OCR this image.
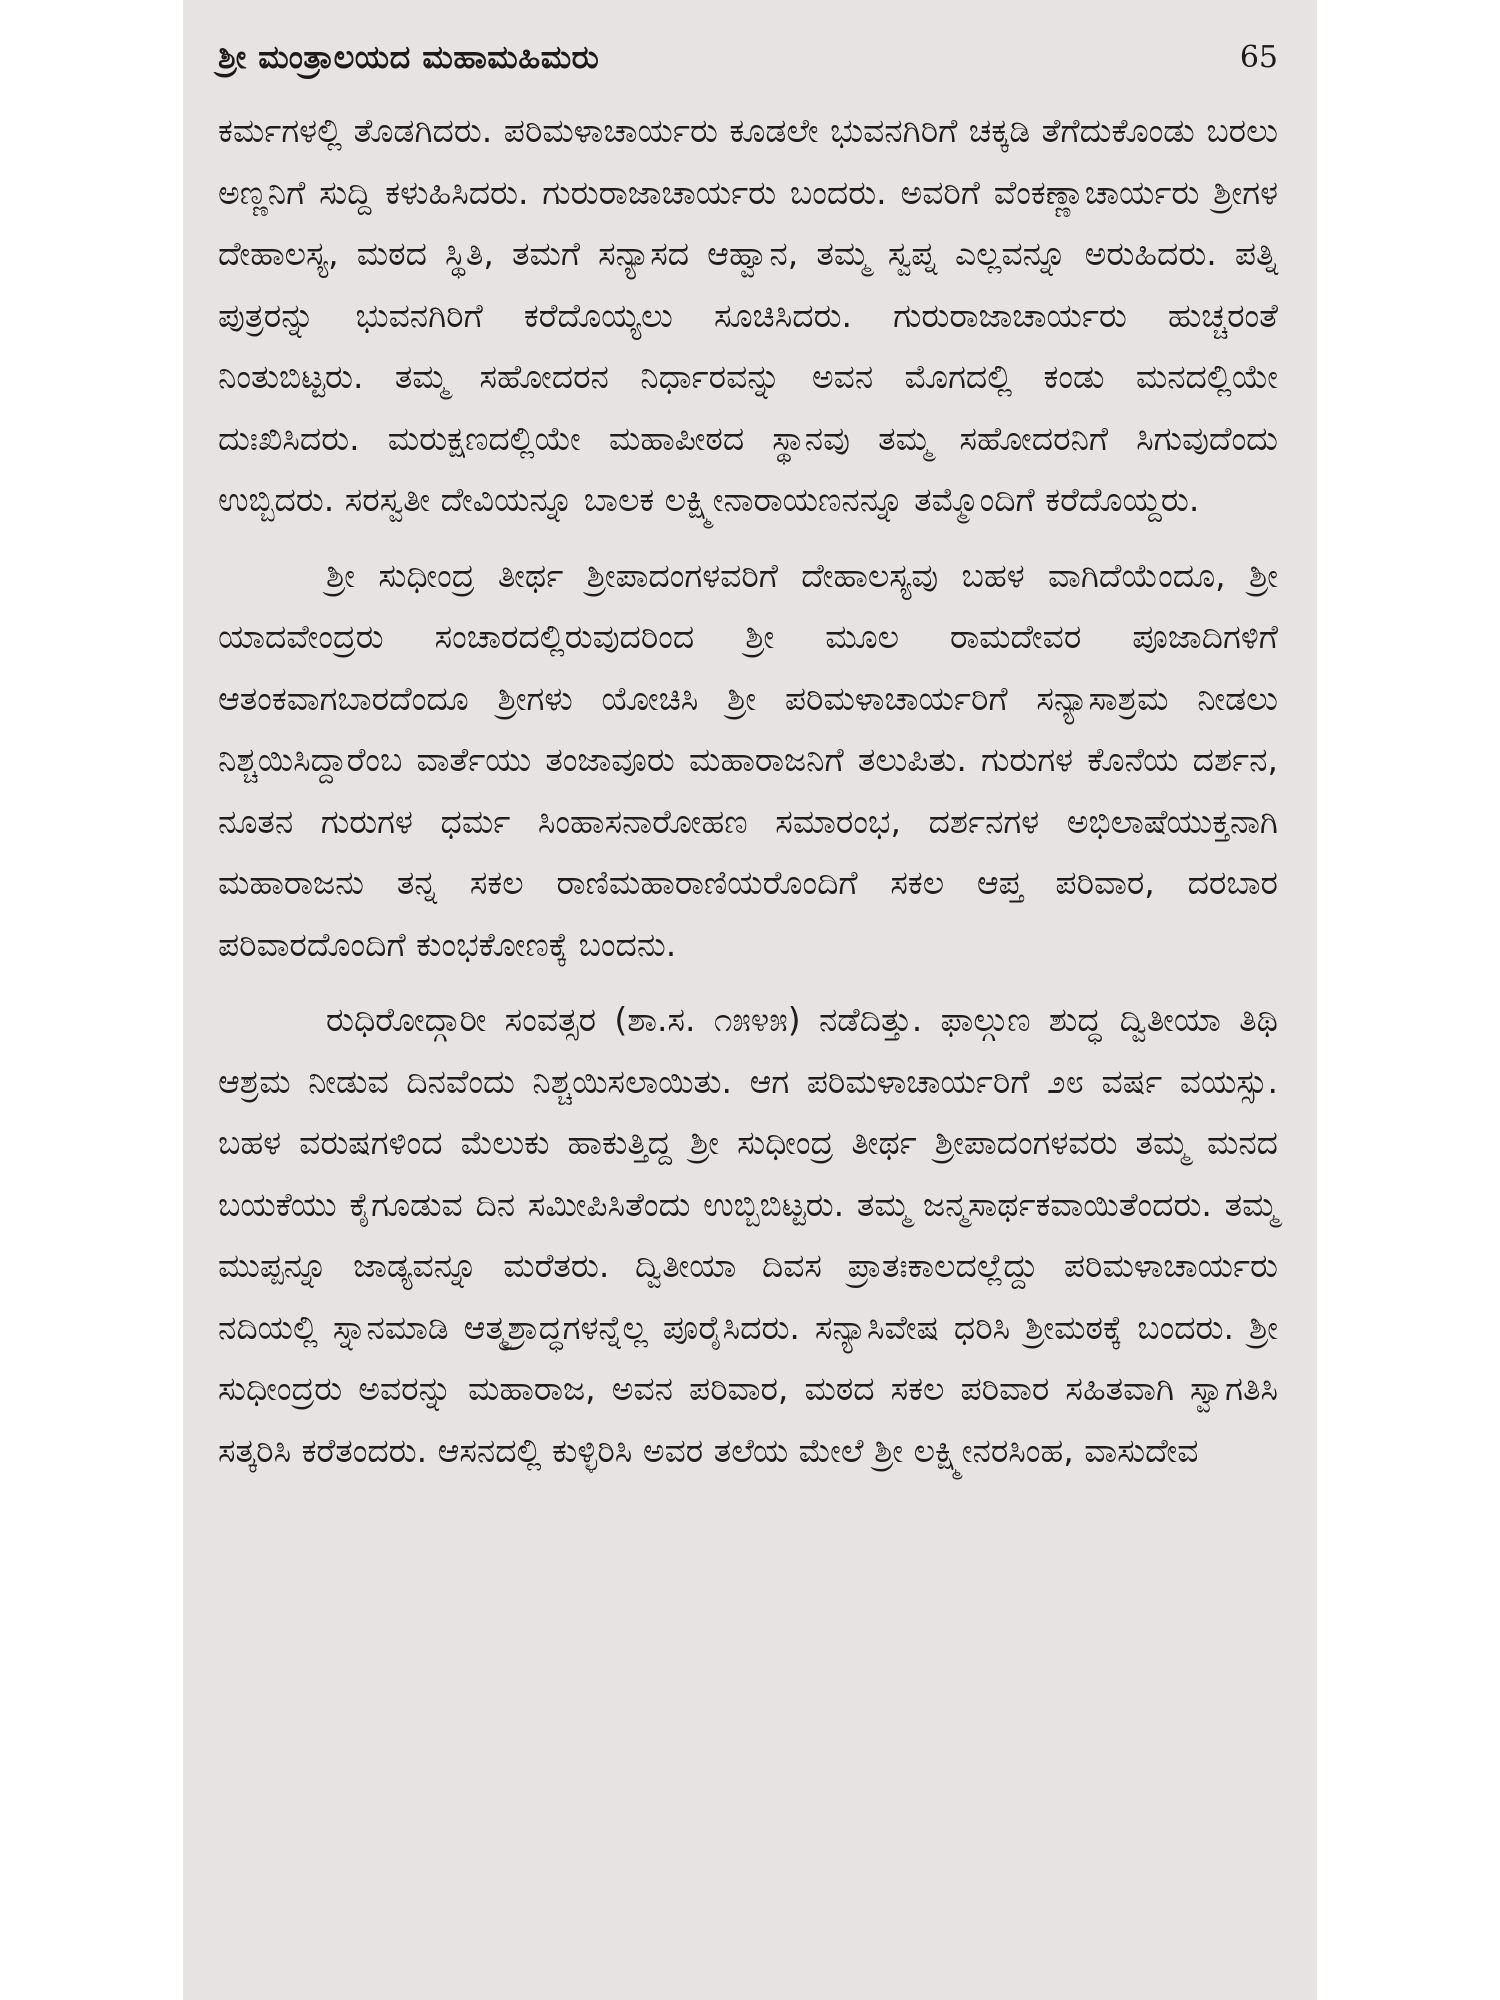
ಶ್ರೀ ಮಂತ್ರಾಲಯದ ಮಹಾಮಹಿಮರು	65

ಕರ್ಮಗಳಲ್ಲಿ ತೊಡಗಿದರು. ಪರಿಮಳಾಚಾರ್ಯರು ಕೂಡಲೇ ಭುವನಗಿರಿಗೆ ಚಕ್ಕಡಿ ತೆಗೆದುಕೊಂಡು ಬರಲು ಅಣ್ಣನಿಗೆ ಸುದ್ದಿ ಕಳುಹಿಸಿದರು. ಗುರುರಾಜಾಚಾರ್ಯರು ಬಂದರು. ಅವರಿಗೆ ವೆಂಕಣ್ಣಾಚಾರ್ಯರು ಶ್ರೀಗಳ ದೇಹಾಲಸ್ಯ, ಮಠದ ಸ್ಥಿತಿ, ತಮಗೆ ಸನ್ಯಾಸದ ಆಹ್ವಾನ, ತಮ್ಮ ಸ್ವಪ್ನ ಎಲ್ಲವನ್ನೂ ಅರುಹಿದರು. ಪತ್ನಿ ಪುತ್ರರನ್ನು ಭುವನಗಿರಿಗೆ ಕರೆದೊಯ್ಯಲು ಸೂಚಿಸಿದರು. ಗುರುರಾಜಾಚಾರ್ಯರು ಹುಚ್ಚರಂತೆ ನಿಂತುಬಿಟ್ಟರು. ತಮ್ಮ ಸಹೋದರನ ನಿರ್ಧಾರವನ್ನು ಅವನ ಮೊಗದಲ್ಲಿ ಕಂಡು ಮನದಲ್ಲಿಯೇ ದುಃಖಿಸಿದರು. ಮರುಕ್ಷಣದಲ್ಲಿಯೇ ಮಹಾಪೀಠದ ಸ್ಥಾನವು ತಮ್ಮ ಸಹೋದರನಿಗೆ ಸಿಗುವುದೆಂದು ಉಬ್ಬಿದರು. ಸರಸ್ವತೀ ದೇವಿಯನ್ನೂ ಬಾಲಕ ಲಕ್ಷ್ಮೀನಾರಾಯಣನನ್ನೂ ತಮ್ಮೊಂದಿಗೆ ಕರೆದೊಯ್ದರು.

ಶ್ರೀ ಸುಧೀಂದ್ರ ತೀರ್ಥ ಶ್ರೀಪಾದಂಗಳವರಿಗೆ ದೇಹಾಲಸ್ಯವು ಬಹಳ ವಾಗಿದೆಯೆಂದೂ, ಶ್ರೀ ಯಾದವೇಂದ್ರರು ಸಂಚಾರದಲ್ಲಿರುವುದರಿಂದ ಶ್ರೀ ಮೂಲ ರಾಮದೇವರ ಪೂಜಾದಿಗಳಿಗೆ ಆತಂಕವಾಗಬಾರದೆಂದೂ ಶ್ರೀಗಳು ಯೋಚಿಸಿ ಶ್ರೀ ಪರಿಮಳಾಚಾರ್ಯರಿಗೆ ಸನ್ಯಾಸಾಶ್ರಮ ನೀಡಲು ನಿಶ್ಚಯಿಸಿದ್ದಾರೆಂಬ ವಾರ್ತೆಯು ತಂಜಾವೂರು ಮಹಾರಾಜನಿಗೆ ತಲುಪಿತು. ಗುರುಗಳ ಕೊನೆಯ ದರ್ಶನ, ನೂತನ ಗುರುಗಳ ಧರ್ಮ ಸಿಂಹಾಸನಾರೋಹಣ ಸಮಾರಂಭ, ದರ್ಶನಗಳ ಅಭಿಲಾಷೆಯುಕ್ತನಾಗಿ ಮಹಾರಾಜನು ತನ್ನ ಸಕಲ ರಾಣಿಮಹಾರಾಣಿಯರೊಂದಿಗೆ ಸಕಲ ಆಪ್ತ ಪರಿವಾರ, ದರಬಾರ ಪರಿವಾರದೊಂದಿಗೆ ಕುಂಭಕೋಣಕ್ಕೆ ಬಂದನು.

ರುಧಿರೋದ್ಗಾರೀ ಸಂವತ್ಸರ (ಶಾ.ಸ. ೧೫೪೫) ನಡೆದಿತ್ತು. ಫಾಲ್ಗುಣ ಶುದ್ಧ ದ್ವಿತೀಯಾ ತಿಥಿ ಆಶ್ರಮ ನೀಡುವ ದಿನವೆಂದು ನಿಶ್ಚಯಿಸಲಾಯಿತು. ಆಗ ಪರಿಮಳಾಚಾರ್ಯರಿಗೆ ೨೮ ವರ್ಷ ವಯಸ್ಸು. ಬಹಳ ವರುಷಗಳಿಂದ ಮೆಲುಕು ಹಾಕುತ್ತಿದ್ದ ಶ್ರೀ ಸುಧೀಂದ್ರ ತೀರ್ಥ ಶ್ರೀಪಾದಂಗಳವರು ತಮ್ಮ ಮನದ ಬಯಕೆಯು ಕೈಗೂಡುವ ದಿನ ಸಮೀಪಿಸಿತೆಂದು ಉಬ್ಬಿಬಿಟ್ಟರು. ತಮ್ಮ ಜನ್ಮಸಾರ್ಥಕವಾಯಿತೆಂದರು. ತಮ್ಮ ಮುಪ್ಪನ್ನೂ ಜಾಡ್ಯವನ್ನೂ ಮರೆತರು. ದ್ವಿತೀಯಾ ದಿವಸ ಪ್ರಾತಃಕಾಲದಲ್ಲೆದ್ದು ಪರಿಮಳಾಚಾರ್ಯರು ನದಿಯಲ್ಲಿ ಸ್ನಾನಮಾಡಿ ಆತ್ಮಶ್ರಾದ್ಧಗಳನ್ನೆಲ್ಲ ಪೂರೈಸಿದರು. ಸನ್ಯಾಸಿವೇಷ ಧರಿಸಿ ಶ್ರೀಮಠಕ್ಕೆ ಬಂದರು. ಶ್ರೀ ಸುಧೀಂದ್ರರು ಅವರನ್ನು ಮಹಾರಾಜ, ಅವನ ಪರಿವಾರ, ಮಠದ ಸಕಲ ಪರಿವಾರ ಸಹಿತವಾಗಿ ಸ್ವಾಗತಿಸಿ ಸತ್ಕರಿಸಿ ಕರೆತಂದರು. ಆಸನದಲ್ಲಿ ಕುಳ್ಳಿರಿಸಿ ಅವರ ತಲೆಯ ಮೇಲೆ ಶ್ರೀ ಲಕ್ಷ್ಮೀನರಸಿಂಹ, ವಾಸುದೇವ
